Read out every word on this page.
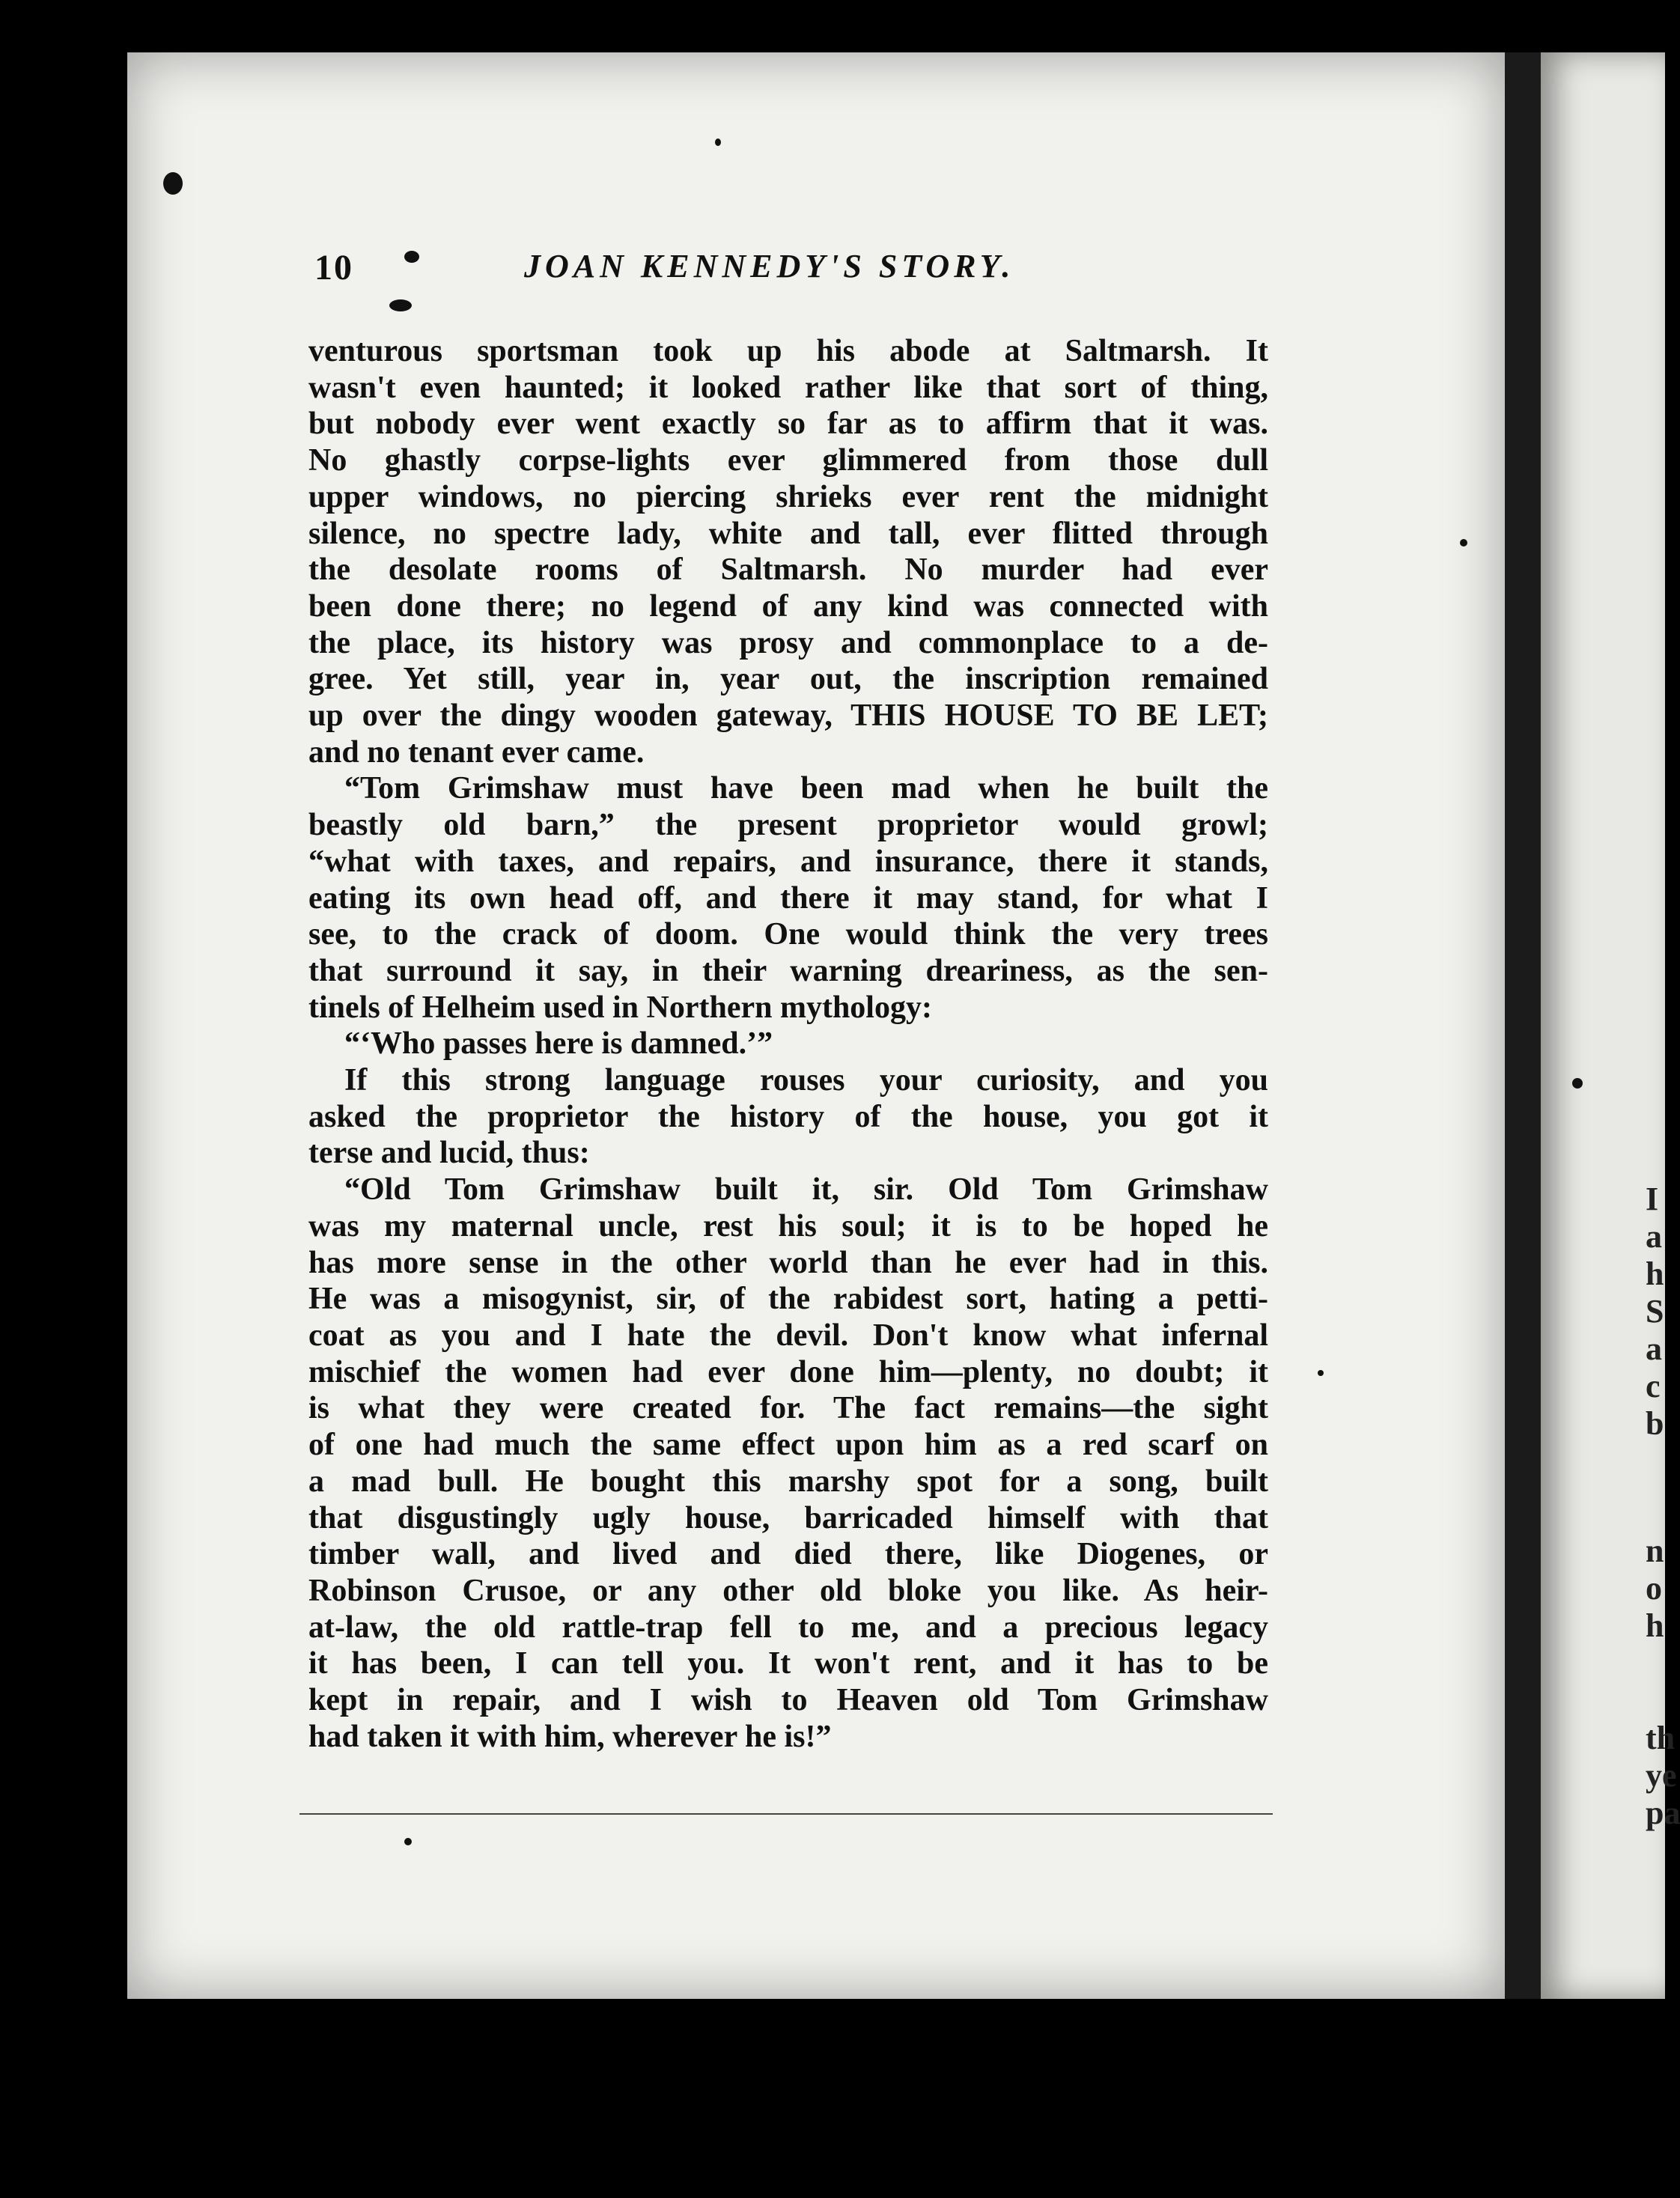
I
a
h
S
a
c
b
n
o
h
th
ye
pa
10	JOAN KENNEDY'S STORY.
venturous sportsman took up his abode at Saltmarsh. It
wasn't even haunted; it looked rather like that sort of thing,
but nobody ever went exactly so far as to affirm that it was.
No ghastly corpse-lights ever glimmered from those dull
upper windows, no piercing shrieks ever rent the midnight
silence, no spectre lady, white and tall, ever flitted through
the desolate rooms of Saltmarsh. No murder had ever
been done there; no legend of any kind was connected with
the place, its history was prosy and commonplace to a de-
gree. Yet still, year in, year out, the inscription remained
up over the dingy wooden gateway, THIS HOUSE TO BE LET;
and no tenant ever came.
“Tom Grimshaw must have been mad when he built the
beastly old barn,” the present proprietor would growl;
“what with taxes, and repairs, and insurance, there it stands,
eating its own head off, and there it may stand, for what I
see, to the crack of doom. One would think the very trees
that surround it say, in their warning dreariness, as the sen-
tinels of Helheim used in Northern mythology:
“‘Who passes here is damned.’”
If this strong language rouses your curiosity, and you
asked the proprietor the history of the house, you got it
terse and lucid, thus:
“Old Tom Grimshaw built it, sir. Old Tom Grimshaw
was my maternal uncle, rest his soul; it is to be hoped he
has more sense in the other world than he ever had in this.
He was a misogynist, sir, of the rabidest sort, hating a petti-
coat as you and I hate the devil. Don't know what infernal
mischief the women had ever done him—plenty, no doubt; it
is what they were created for. The fact remains—the sight
of one had much the same effect upon him as a red scarf on
a mad bull. He bought this marshy spot for a song, built
that disgustingly ugly house, barricaded himself with that
timber wall, and lived and died there, like Diogenes, or
Robinson Crusoe, or any other old bloke you like. As heir-
at-law, the old rattle-trap fell to me, and a precious legacy
it has been, I can tell you. It won't rent, and it has to be
kept in repair, and I wish to Heaven old Tom Grimshaw
had taken it with him, wherever he is!”
